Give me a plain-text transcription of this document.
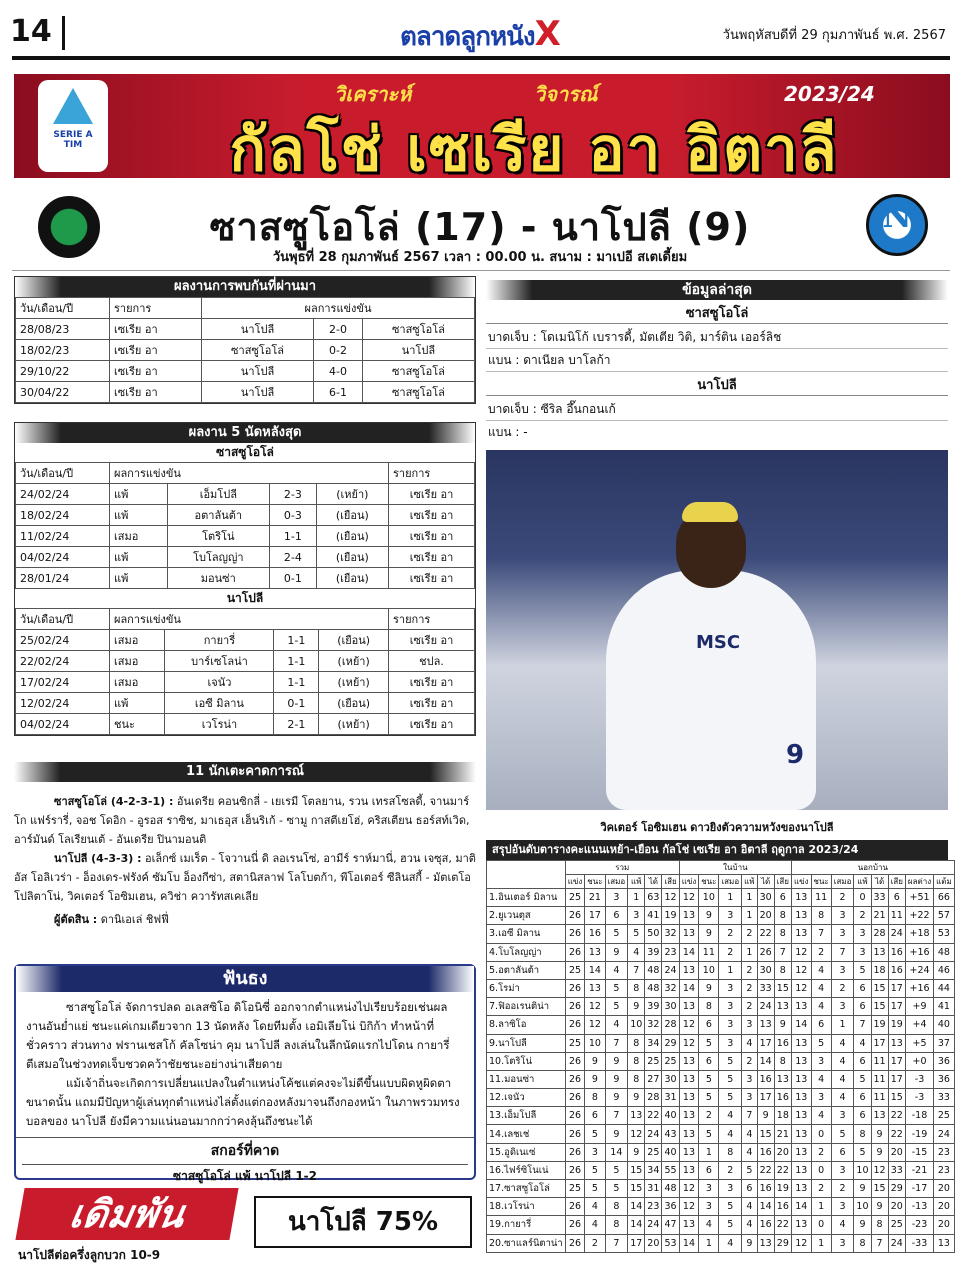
14	ตลาดลูกหนังX	วันพฤหัสบดีที่ 29 กุมภาพันธ์ พ.ศ. 2567
SERIE A
TIM
วิเคราะห์	วิจารณ์	2023/24
กัลโช่ เซเรีย อา อิตาลี
ซาสซูโอโล่ (17) - นาโปลี (9)	N
วันพุธที่ 28 กุมภาพันธ์ 2567 เวลา : 00.00 น. สนาม : มาเปอี สเตเดี้ยม
ผลงานการพบกันที่ผ่านมา
วัน/เดือน/ปี	รายการ	ผลการแข่งขัน		
28/08/23	เซเรีย อา	นาโปลี	2-0	ซาสซูโอโล่
18/02/23	เซเรีย อา	ซาสซูโอโล่	0-2	นาโปลี
29/10/22	เซเรีย อา	นาโปลี	4-0	ซาสซูโอโล่
30/04/22	เซเรีย อา	นาโปลี	6-1	ซาสซูโอโล่
ผลงาน 5 นัดหลังสุด
ซาสซูโอโล่
วัน/เดือน/ปี	ผลการแข่งขัน				รายการ
24/02/24	แพ้	เอ็มโปลี	2-3	(เหย้า)	เซเรีย อา
18/02/24	แพ้	อตาลันต้า	0-3	(เยือน)	เซเรีย อา
11/02/24	เสมอ	โตริโน่	1-1	(เยือน)	เซเรีย อา
04/02/24	แพ้	โบโลญญ่า	2-4	(เยือน)	เซเรีย อา
28/01/24	แพ้	มอนซ่า	0-1	(เยือน)	เซเรีย อา
นาโปลี
วัน/เดือน/ปี	ผลการแข่งขัน				รายการ
25/02/24	เสมอ	กายารี่	1-1	(เยือน)	เซเรีย อา
22/02/24	เสมอ	บาร์เซโลน่า	1-1	(เหย้า)	ชปล.
17/02/24	เสมอ	เจนัว	1-1	(เหย้า)	เซเรีย อา
12/02/24	แพ้	เอซี มิลาน	0-1	(เยือน)	เซเรีย อา
04/02/24	ชนะ	เวโรน่า	2-1	(เหย้า)	เซเรีย อา
11 นักเตะคาดการณ์
ซาสซูโอโล่ (4-2-3-1) : อันเดรีย คอนซิกลี่ - เยเรมี โตลยาน, รวน เทรสโซลดี้, จานมาร์โก แฟร์รารี่, จอช โดอิก - อูรอส ราซิช, มาเธอุส เฮ็นริเก้ - ซามู กาสตีเยโฮ่, คริสเตียน ธอร์สท์เวิด, อาร์มันด์ โลเรียนเต้ - อันเดรีย ปินามอนติ
นาโปลี (4-3-3) : อเล็กซ์ เมเร็ต - โจวานนี่ ดิ ลอเรนโซ่, อามีร์ ราห์มานี่, ฮวน เจซุส, มาติอัส โอลิเวร่า - อ็องเดร-ฟรังค์ ซัมโบ อ็องกีซ่า, สตานิสลาฟ โลโบตก้า, พีโอเตอร์ ซีลินสกี้ - มัตเตโอ โปลิตาโน่, วิคเตอร์ โอซิมเฮน, ควิช่า ควารัทสเคเลีย
ผู้ตัดสิน : ดานิเอเล่ ชิฟฟี่
ฟันธง

ซาสซูโอโล่ จัดการปลด อเลสซิโอ ดิโอนิซี่ ออกจากตำแหน่งไปเรียบร้อยเช่นผลงานอันย่ำแย่ ชนะแค่เกมเดียวจาก 13 นัดหลัง โดยทีมตั้ง เอมิเลียโน่ บิกิก้า ทำหน้าที่ชั่วคราว ส่วนทาง ฟรานเชสโก้ คัลโซน่า คุม นาโปลี ลงเล่นในลีกนัดแรกไปโดน กายารี่ ตีเสมอในช่วงทดเจ็บชวดคว้าชัยชนะอย่างน่าเสียดาย

แม้เจ้าถิ่นจะเกิดการเปลี่ยนแปลงในตำแหน่งโค้ชแต่คงจะไม่ดีขึ้นแบบผิดหูผิดตาขนาดนั้น แถมมีปัญหาผู้เล่นทุกตำแหน่งไล่ตั้งแต่กองหลังมาจนถึงกองหน้า ในภาพรวมทรงบอลของ นาโปลี ยังมีความแน่นอนมากกว่าคงลุ้นถึงชนะได้

สกอร์ที่คาด
ซาสซูโอโล่ แพ้ นาโปลี 1-2
เดิมพัน
นาโปลีต่อครึ่งลูกบวก 10-9
นาโปลี 75%
ข้อมูลล่าสุด
ซาสซูโอโล่
บาดเจ็บ : โดเมนิโก้ เบรารดี้, มัตเตีย วิติ, มาร์ติน เออร์ลิช
แบน : ดาเนียล บาโลก้า
นาโปลี
บาดเจ็บ : ซีริล อึ๊นกอนเก้
แบน : -
MSC
9
วิคเตอร์ โอซิมเฮน ดาวยิงตัวความหวังของนาโปลี
สรุปอันดับตารางคะแนนเหย้า-เยือน กัลโช่ เซเรีย อา อิตาลี ฤดูกาล 2023/24
	รวม						ในบ้าน						นอกบ้าน							
	แข่ง	ชนะ	เสมอ	แพ้	ได้	เสีย	แข่ง	ชนะ	เสมอ	แพ้	ได้	เสีย	แข่ง	ชนะ	เสมอ	แพ้	ได้	เสีย	ผลต่าง	แต้ม
1.อินเตอร์ มิลาน	25	21	3	1	63	12	12	10	1	1	30	6	13	11	2	0	33	6	+51	66
2.ยูเวนตุส	26	17	6	3	41	19	13	9	3	1	20	8	13	8	3	2	21	11	+22	57
3.เอซี มิลาน	26	16	5	5	50	32	13	9	2	2	22	8	13	7	3	3	28	24	+18	53
4.โบโลญญ่า	26	13	9	4	39	23	14	11	2	1	26	7	12	2	7	3	13	16	+16	48
5.อตาลันต้า	25	14	4	7	48	24	13	10	1	2	30	8	12	4	3	5	18	16	+24	46
6.โรม่า	26	13	5	8	48	32	14	9	3	2	33	15	12	4	2	6	15	17	+16	44
7.ฟิออเรนติน่า	26	12	5	9	39	30	13	8	3	2	24	13	13	4	3	6	15	17	+9	41
8.ลาซิโอ	26	12	4	10	32	28	12	6	3	3	13	9	14	6	1	7	19	19	+4	40
9.นาโปลี	25	10	7	8	34	29	12	5	3	4	17	16	13	5	4	4	17	13	+5	37
10.โตริโน่	26	9	9	8	25	25	13	6	5	2	14	8	13	3	4	6	11	17	+0	36
11.มอนซ่า	26	9	9	8	27	30	13	5	5	3	16	13	13	4	4	5	11	17	-3	36
12.เจนัว	26	8	9	9	28	31	13	5	5	3	17	16	13	3	4	6	11	15	-3	33
13.เอ็มโปลี	26	6	7	13	22	40	13	2	4	7	9	18	13	4	3	6	13	22	-18	25
14.เลชเช่	26	5	9	12	24	43	13	5	4	4	15	21	13	0	5	8	9	22	-19	24
15.อูดิเนเซ่	26	3	14	9	25	40	13	1	8	4	16	20	13	2	6	5	9	20	-15	23
16.ไฟร์ซิโนเน่	26	5	5	15	34	55	13	6	2	5	22	22	13	0	3	10	12	33	-21	23
17.ซาสซูโอโล่	25	5	5	15	31	48	12	3	3	6	16	19	13	2	2	9	15	29	-17	20
18.เวโรน่า	26	4	8	14	23	36	12	3	5	4	14	16	14	1	3	10	9	20	-13	20
19.กายารี่	26	4	8	14	24	47	13	4	5	4	16	22	13	0	4	9	8	25	-23	20
20.ซาแลร์นิตาน่า	26	2	7	17	20	53	14	1	4	9	13	29	12	1	3	8	7	24	-33	13
